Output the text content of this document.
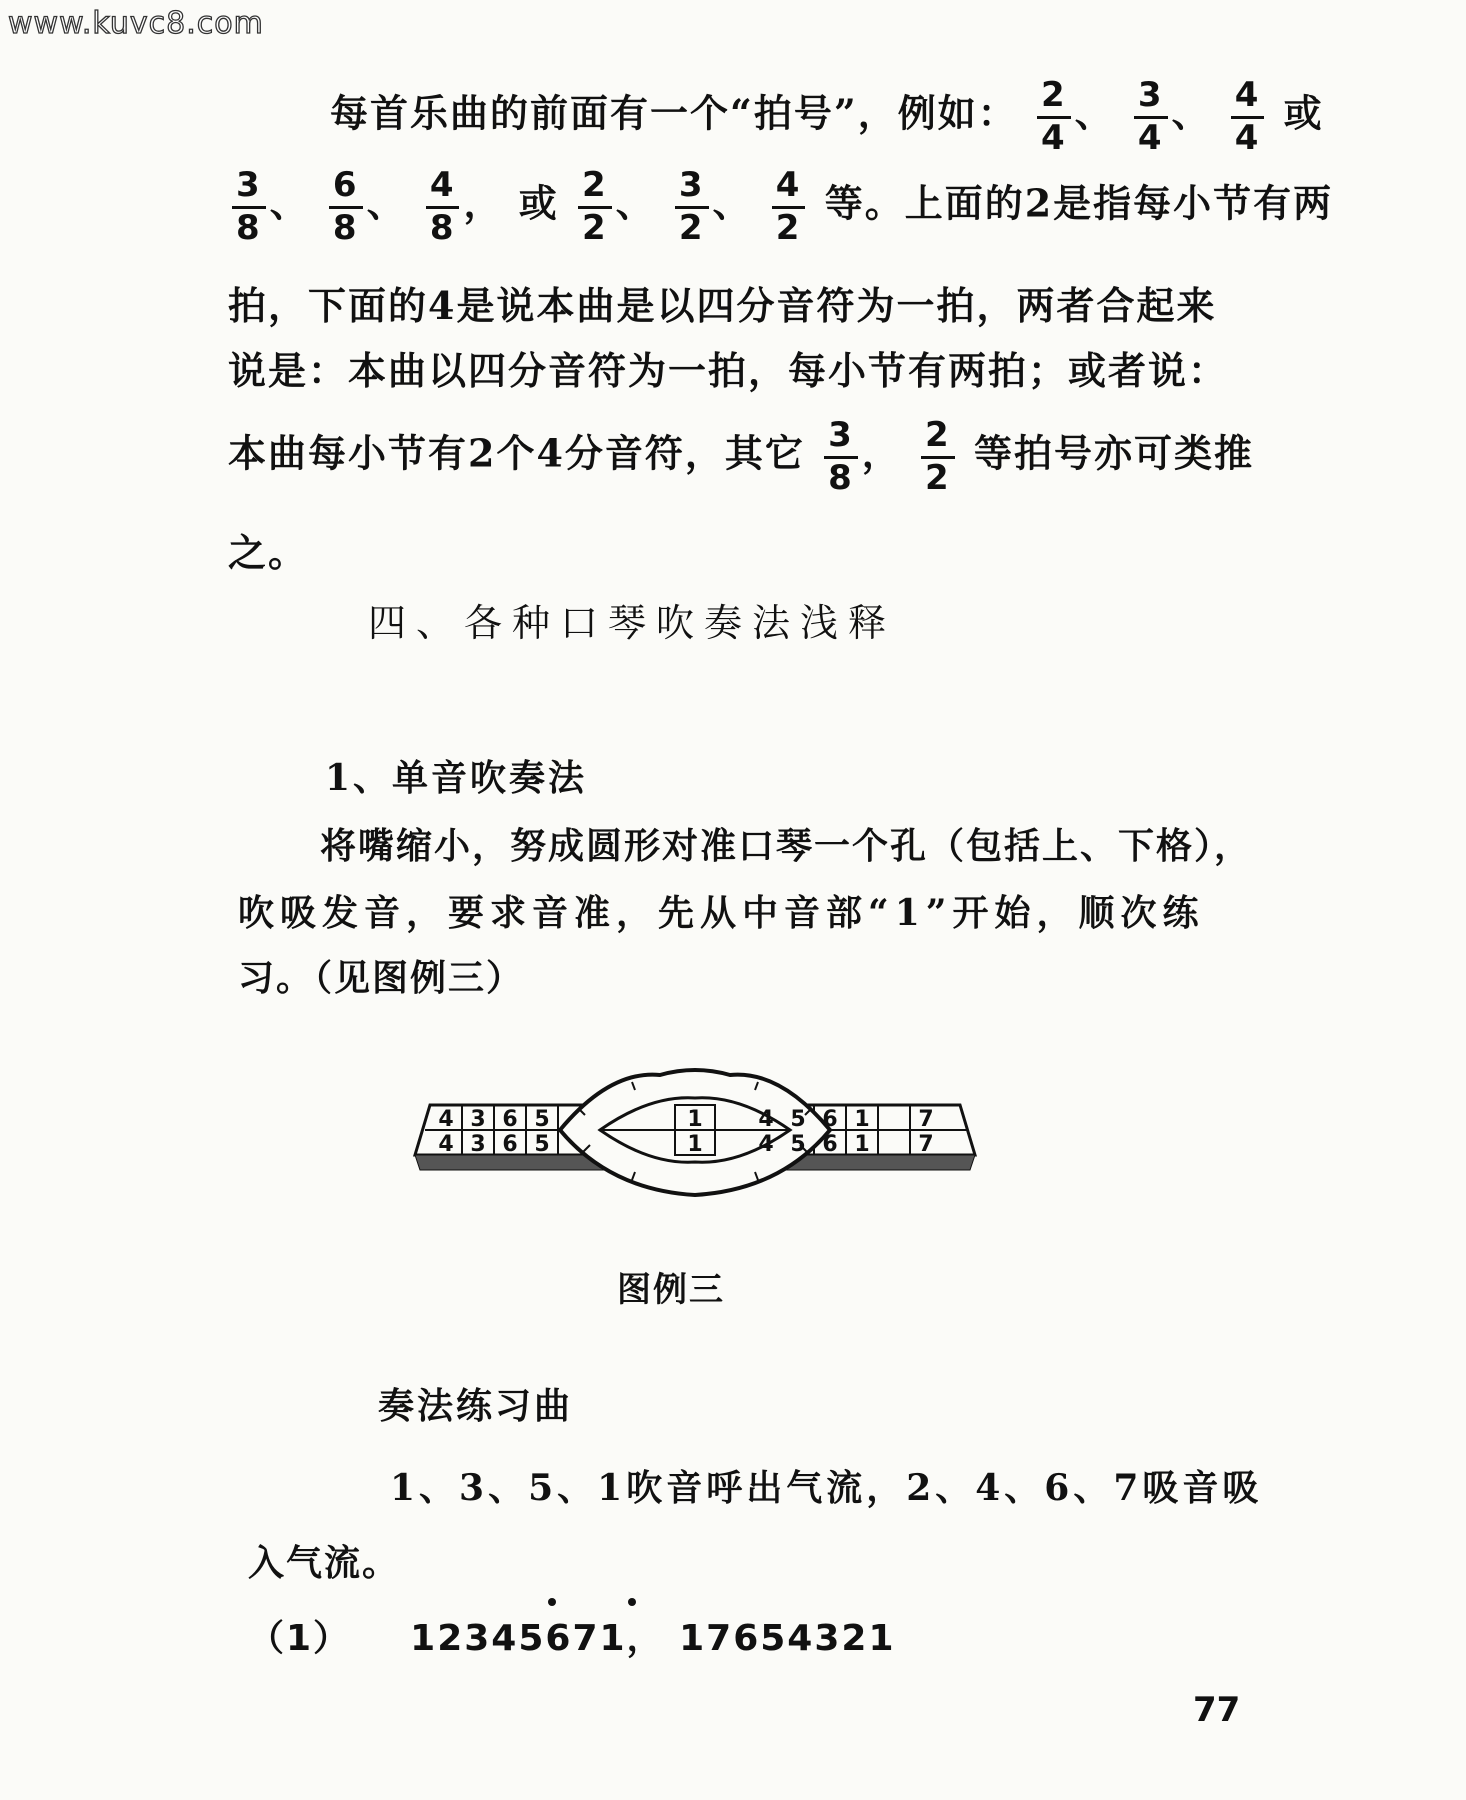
www.kuvc8.com
每首乐曲的前面有一个“拍号”，例如： $\frac{2}{4}$ 、 $\frac{3}{4}$ 、 $\frac{4}{4}$ 或
$\frac{3}{8}$ 、 $\frac{6}{8}$ 、 $\frac{4}{8}$ ， 或 $\frac{2}{2}$ 、 $\frac{3}{2}$ 、 $\frac{4}{2}$ 等。上面的2是指每小节有两
拍，下面的4是说本曲是以四分音符为一拍，两者合起来
说是：本曲以四分音符为一拍，每小节有两拍；或者说：
本曲每小节有2个4分音符，其它 $\frac{3}{8}$ ， $\frac{2}{2}$ 等拍号亦可类推
之。
四、各种口琴吹奏法浅释
1、单音吹奏法
将嘴缩小，努成圆形对准口琴一个孔（包括上、下格），
吹吸发音，要求音准，先从中音部“1”开始，顺次练
习。（见图例三）
4 3 6 5	1	4 5 6 1 7
4 3 6 5	1	4 5 6 1 7
图例三
奏法练习曲
1、3、5、1吹音呼出气流，2、4、6、7吸音吸
入气流。
（1） 12345671， 17654321
77
